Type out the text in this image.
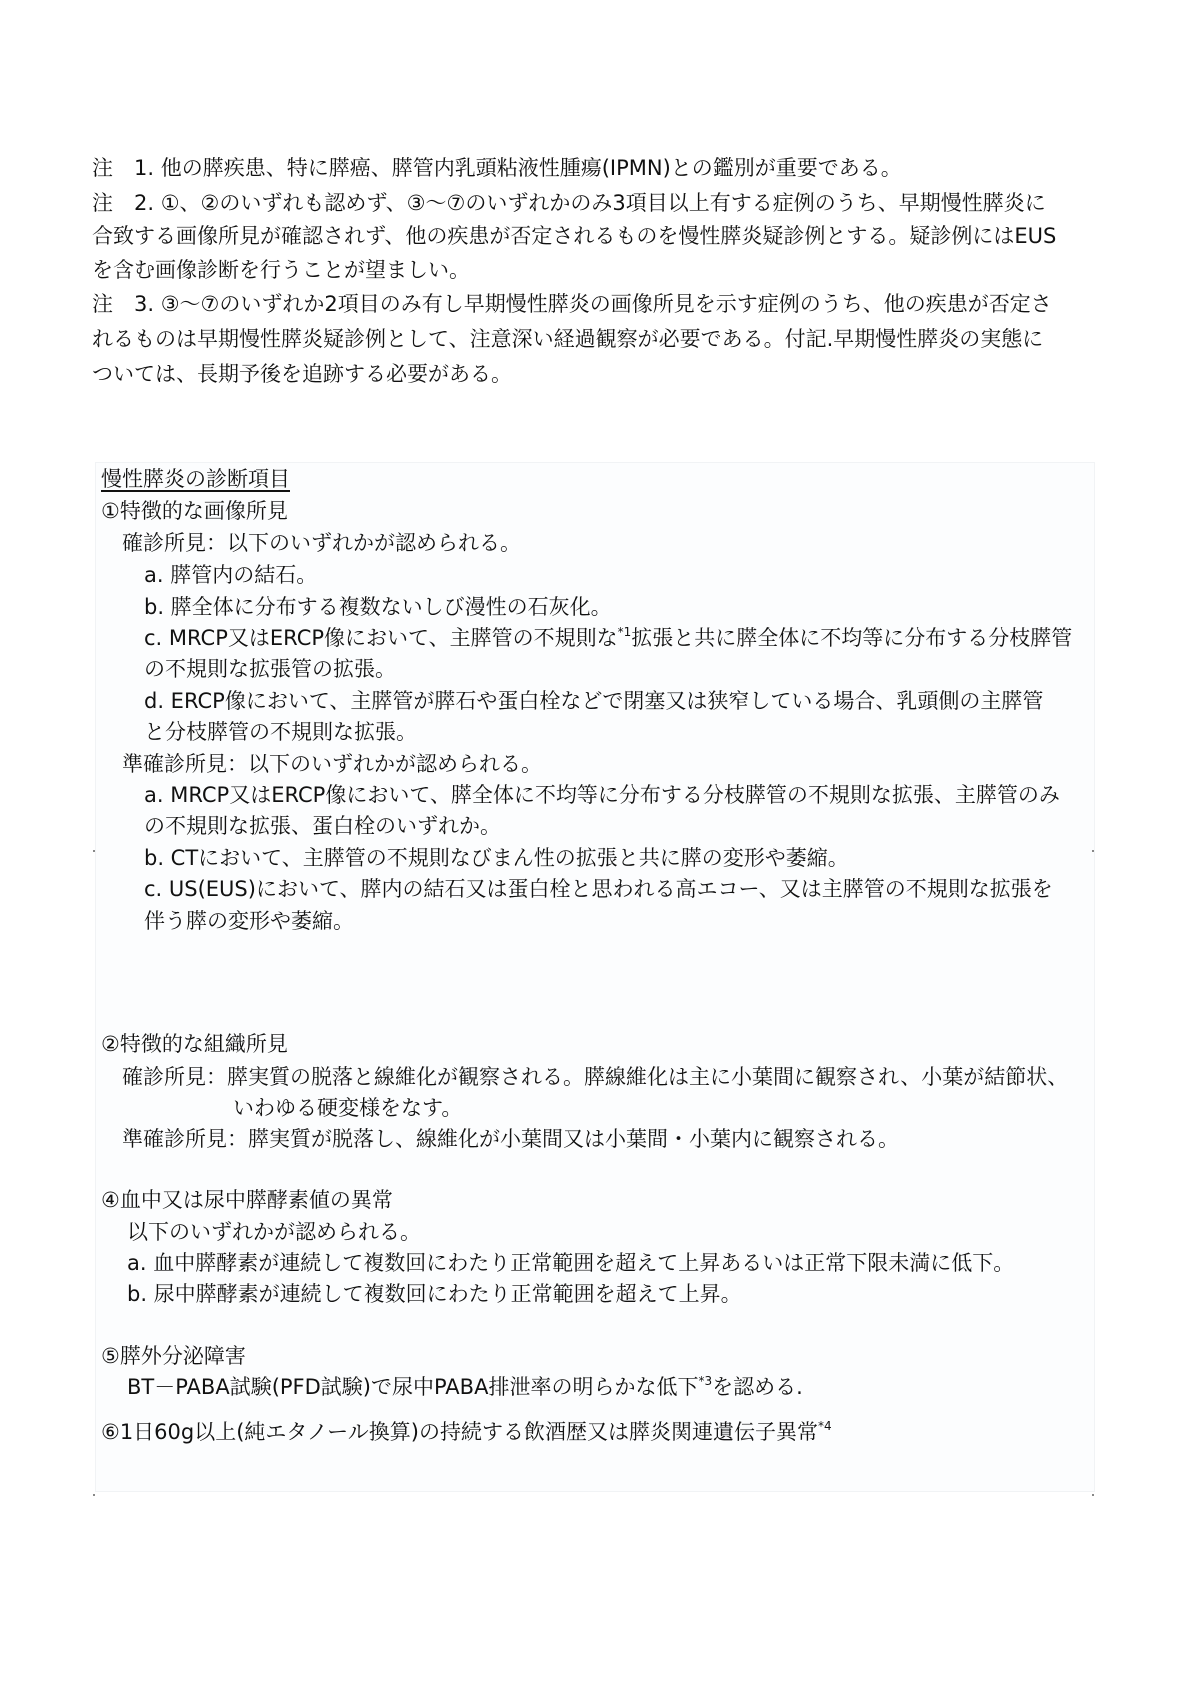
注　1. 他の膵疾患、特に膵癌、膵管内乳頭粘液性腫瘍(IPMN)との鑑別が重要である。
注　2. ①、②のいずれも認めず、③～⑦のいずれかのみ3項目以上有する症例のうち、早期慢性膵炎に
合致する画像所見が確認されず、他の疾患が否定されるものを慢性膵炎疑診例とする。疑診例にはEUS
を含む画像診断を行うことが望ましい。
注　3. ③～⑦のいずれか2項目のみ有し早期慢性膵炎の画像所見を示す症例のうち、他の疾患が否定さ
れるものは早期慢性膵炎疑診例として、注意深い経過観察が必要である。付記.早期慢性膵炎の実態に
ついては、長期予後を追跡する必要がある。
慢性膵炎の診断項目
①特徴的な画像所見
確診所見：以下のいずれかが認められる。
a. 膵管内の結石。
b. 膵全体に分布する複数ないしび漫性の石灰化。
c. MRCP又はERCP像において、主膵管の不規則な$^{*1}$拡張と共に膵全体に不均等に分布する分枝膵管
の不規則な拡張管の拡張。
d. ERCP像において、主膵管が膵石や蛋白栓などで閉塞又は狭窄している場合、乳頭側の主膵管
と分枝膵管の不規則な拡張。
準確診所見：以下のいずれかが認められる。
a. MRCP又はERCP像において、膵全体に不均等に分布する分枝膵管の不規則な拡張、主膵管のみ
の不規則な拡張、蛋白栓のいずれか。
b. CTにおいて、主膵管の不規則なびまん性の拡張と共に膵の変形や萎縮。
c. US(EUS)において、膵内の結石又は蛋白栓と思われる高エコー、又は主膵管の不規則な拡張を
伴う膵の変形や萎縮。
②特徴的な組織所見
確診所見：膵実質の脱落と線維化が観察される。膵線維化は主に小葉間に観察され、小葉が結節状、
いわゆる硬変様をなす。
準確診所見：膵実質が脱落し、線維化が小葉間又は小葉間・小葉内に観察される。
④血中又は尿中膵酵素値の異常
以下のいずれかが認められる。
a. 血中膵酵素が連続して複数回にわたり正常範囲を超えて上昇あるいは正常下限未満に低下。
b. 尿中膵酵素が連続して複数回にわたり正常範囲を超えて上昇。
⑤膵外分泌障害
BT－PABA試験(PFD試験)で尿中PABA排泄率の明らかな低下$^{*3}$を認める.
⑥1日60g以上(純エタノール換算)の持続する飲酒歴又は膵炎関連遺伝子異常$^{*4}$
